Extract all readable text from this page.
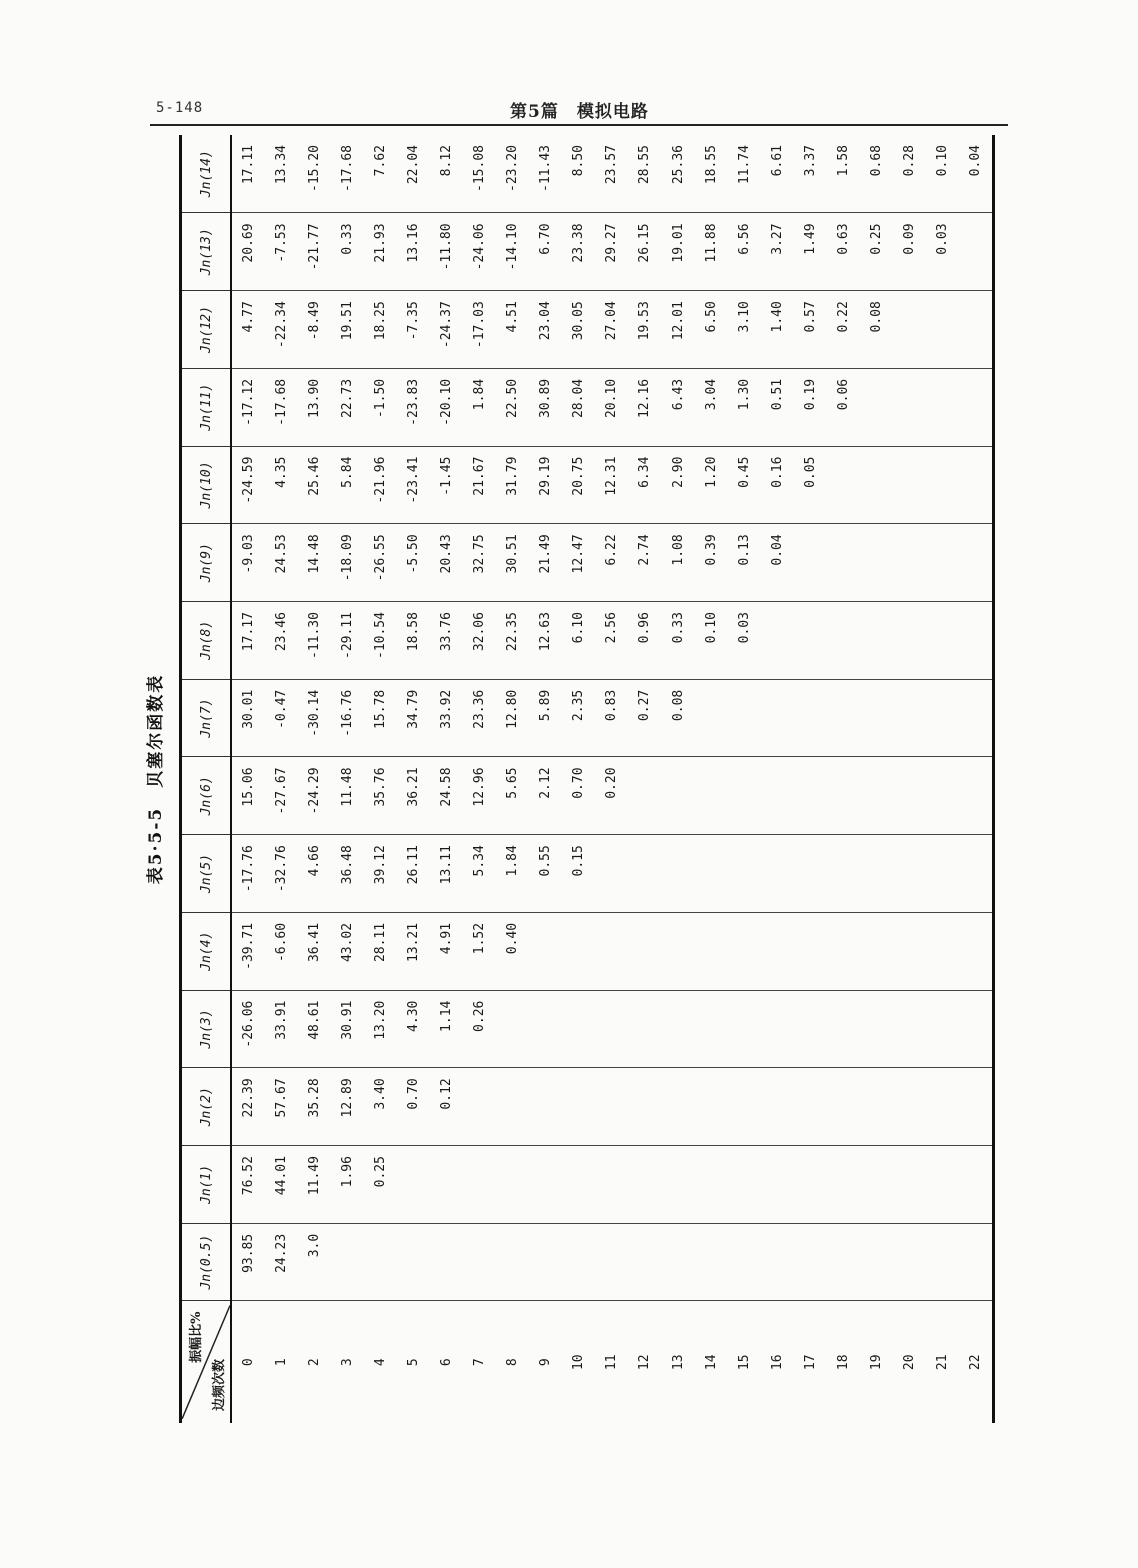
5-148	第5篇　模拟电路
表5·5-5　贝塞尔函数表
振幅比%
边频次数	Jn(0.5)	Jn(1)	Jn(2)	Jn(3)	Jn(4)	Jn(5)	Jn(6)	Jn(7)	Jn(8)	Jn(9)	Jn(10)	Jn(11)	Jn(12)	Jn(13)	Jn(14)
0	93.85	76.52	22.39	-26.06	-39.71	-17.76	15.06	30.01	17.17	-9.03	-24.59	-17.12	4.77	20.69	17.11
1	24.23	44.01	57.67	33.91	-6.60	-32.76	-27.67	-0.47	23.46	24.53	4.35	-17.68	-22.34	-7.53	13.34
2	3.0	11.49	35.28	48.61	36.41	4.66	-24.29	-30.14	-11.30	14.48	25.46	13.90	-8.49	-21.77	-15.20
3		1.96	12.89	30.91	43.02	36.48	11.48	-16.76	-29.11	-18.09	5.84	22.73	19.51	0.33	-17.68
4		0.25	3.40	13.20	28.11	39.12	35.76	15.78	-10.54	-26.55	-21.96	-1.50	18.25	21.93	7.62
5			0.70	4.30	13.21	26.11	36.21	34.79	18.58	-5.50	-23.41	-23.83	-7.35	13.16	22.04
6			0.12	1.14	4.91	13.11	24.58	33.92	33.76	20.43	-1.45	-20.10	-24.37	-11.80	8.12
7				0.26	1.52	5.34	12.96	23.36	32.06	32.75	21.67	1.84	-17.03	-24.06	-15.08
8					0.40	1.84	5.65	12.80	22.35	30.51	31.79	22.50	4.51	-14.10	-23.20
9						0.55	2.12	5.89	12.63	21.49	29.19	30.89	23.04	6.70	-11.43
10						0.15	0.70	2.35	6.10	12.47	20.75	28.04	30.05	23.38	8.50
11							0.20	0.83	2.56	6.22	12.31	20.10	27.04	29.27	23.57
12								0.27	0.96	2.74	6.34	12.16	19.53	26.15	28.55
13								0.08	0.33	1.08	2.90	6.43	12.01	19.01	25.36
14									0.10	0.39	1.20	3.04	6.50	11.88	18.55
15									0.03	0.13	0.45	1.30	3.10	6.56	11.74
16										0.04	0.16	0.51	1.40	3.27	6.61
17											0.05	0.19	0.57	1.49	3.37
18												0.06	0.22	0.63	1.58
19													0.08	0.25	0.68
20														0.09	0.28
21														0.03	0.10
22															0.04
